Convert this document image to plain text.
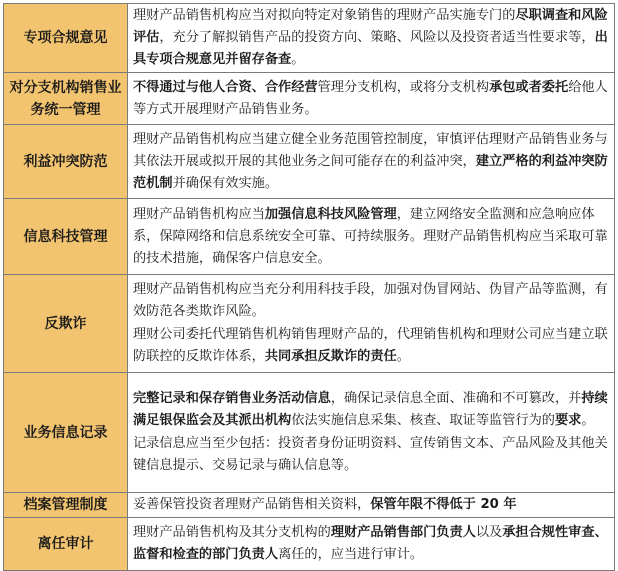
专项合规意见	理财产品销售机构应当对拟向特定对象销售的理财产品实施专门的尽职调查和风险评估，充分了解拟销售产品的投资方向、策略、风险以及投资者适当性要求等，出具专项合规意见并留存备查。

对分支机构销售业务统一管理	不得通过与他人合资、合作经营管理分支机构，或将分支机构承包或者委托给他人等方式开展理财产品销售业务。

利益冲突防范	理财产品销售机构应当建立健全业务范围管控制度，审慎评估理财产品销售业务与其依法开展或拟开展的其他业务之间可能存在的利益冲突，建立严格的利益冲突防范机制并确保有效实施。

信息科技管理	理财产品销售机构应当加强信息科技风险管理，建立网络安全监测和应急响应体系，保障网络和信息系统安全可靠、可持续服务。理财产品销售机构应当采取可靠的技术措施，确保客户信息安全。

反欺诈	理财产品销售机构应当充分利用科技手段，加强对伪冒网站、伪冒产品等监测，有效防范各类欺诈风险。
理财公司委托代理销售机构销售理财产品的，代理销售机构和理财公司应当建立联防联控的反欺诈体系，共同承担反欺诈的责任。

业务信息记录	完整记录和保存销售业务活动信息，确保记录信息全面、准确和不可篡改，并持续满足银保监会及其派出机构依法实施信息采集、核查、取证等监管行为的要求。
记录信息应当至少包括：投资者身份证明资料、宣传销售文本、产品风险及其他关键信息提示、交易记录与确认信息等。

档案管理制度	妥善保管投资者理财产品销售相关资料，保管年限不得低于 20 年

离任审计	理财产品销售机构及其分支机构的理财产品销售部门负责人以及承担合规性审查、监督和检查的部门负责人离任的，应当进行审计。
